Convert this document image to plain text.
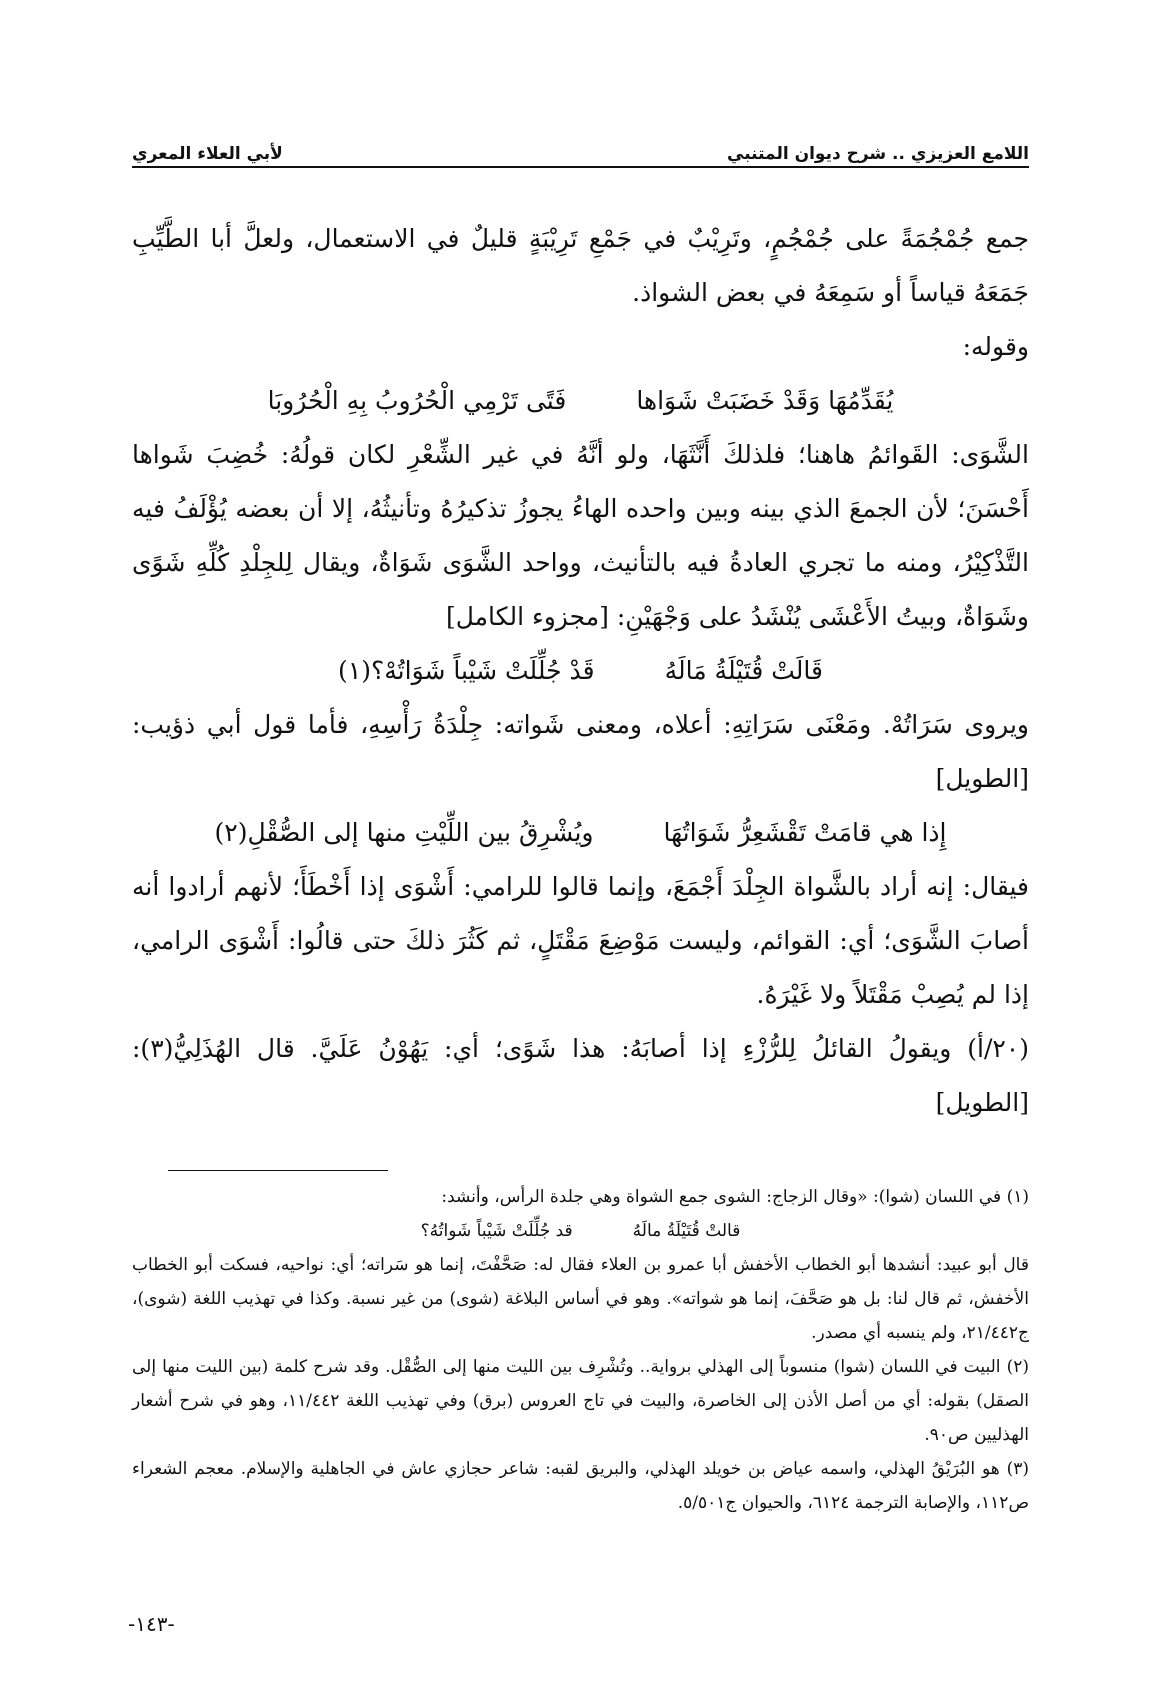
اللامع العزيزي .. شرح ديوان المتنبي
لأبي العلاء المعري

جمع جُمْجُمَةً على جُمْجُمٍ، وتَرِيْبٌ في جَمْعِ تَرِيْبَةٍ قليلٌ في الاستعمال، ولعلَّ أبا الطَّيِّبِ جَمَعَهُ قياساً أو سَمِعَهُ في بعض الشواذ.

وقوله:

يُقَدِّمُهَا وَقَدْ خَضَبَتْ شَوَاها
فَتًى تَرْمِي الْحُرُوبُ بِهِ الْحُرُوبَا

الشَّوَى: القَوائمُ هاهنا؛ فلذلكَ أَنَّثَهَا، ولو أنَّهُ في غير الشِّعْرِ لكان قولُهُ: خُضِبَ شَواها أَحْسَنَ؛ لأن الجمعَ الذي بينه وبين واحده الهاءُ يجوزُ تذكيرُهُ وتأنيثُهُ، إلا أن بعضه يُؤْلَفُ فيه التَّذْكِيْرُ، ومنه ما تجري العادةُ فيه بالتأنيث، وواحد الشَّوَى شَوَاةٌ، ويقال لِلجِلْدِ كُلِّهِ شَوًى وشَوَاةٌ، وبيتُ الأَعْشَى يُنْشَدُ على وَجْهَيْنِ: [مجزوء الكامل]

قَالَتْ قُتَيْلَةُ مَالَهُ
قَدْ جُلِّلَتْ شَيْباً شَوَاتُهْ؟(١)

ويروى سَرَاتُهْ. ومَعْنَى سَرَاتِهِ: أعلاه، ومعنى شَواته: جِلْدَةُ رَأْسِهِ، فأما قول أبي ذؤيب: [الطويل]

إِذا هي قامَتْ تَقْشَعِرُّ شَوَاتُهَا
ويُشْرِقُ بين اللِّيْتِ منها إلى الصُّقْلِ(٢)

فيقال: إنه أراد بالشَّواة الجِلْدَ أَجْمَعَ، وإنما قالوا للرامي: أَشْوَى إذا أَخْطَأَ؛ لأنهم أرادوا أنه أصابَ الشَّوَى؛ أي: القوائم، وليست مَوْضِعَ مَقْتَلٍ، ثم كَثُرَ ذلكَ حتى قالُوا: أَشْوَى الرامي، إذا لم يُصِبْ مَقْتَلاً ولا غَيْرَهُ.

(٢٠/أ) ويقولُ القائلُ لِلرُّزْءِ إذا أصابَهُ: هذا شَوًى؛ أي: يَهُوْنُ عَلَيَّ. قال الهُذَلِيُّ(٣): [الطويل]

(١) في اللسان (شوا): «وقال الزجاج: الشوى جمع الشواة وهي جلدة الرأس، وأنشد:

قالتْ قُتَيْلَةُ مالَهُ
قد جُلِّلَتْ شَيْباً شَواتُهُ؟

قال أبو عبيد: أنشدها أبو الخطاب الأخفش أبا عمرو بن العلاء فقال له: صَحَّفْتَ، إنما هو سَراته؛ أي: نواحيه، فسكت أبو الخطاب الأخفش، ثم قال لنا: بل هو صَحَّفَ، إنما هو شواته». وهو في أساس البلاغة (شوى) من غير نسبة. وكذا في تهذيب اللغة (شوى)، ج٢١/٤٤٢، ولم ينسبه أي مصدر.

(٢) البيت في اللسان (شوا) منسوباً إلى الهذلي برواية.. وتُشْرِف بين الليت منها إلى الصُّقْل. وقد شرح كلمة (بين الليت منها إلى الصقل) بقوله: أي من أصل الأذن إلى الخاصرة، والبيت في تاج العروس (برق) وفي تهذيب اللغة ١١/٤٤٢، وهو في شرح أشعار الهذليين ص٩٠.

(٣) هو البُرَيْقُ الهذلي، واسمه عياض بن خويلد الهذلي، والبريق لقبه: شاعر حجازي عاش في الجاهلية والإسلام. معجم الشعراء ص١١٢، والإصابة الترجمة ٦١٢٤، والحيوان ج٥/٥٠١.

-١٤٣-
